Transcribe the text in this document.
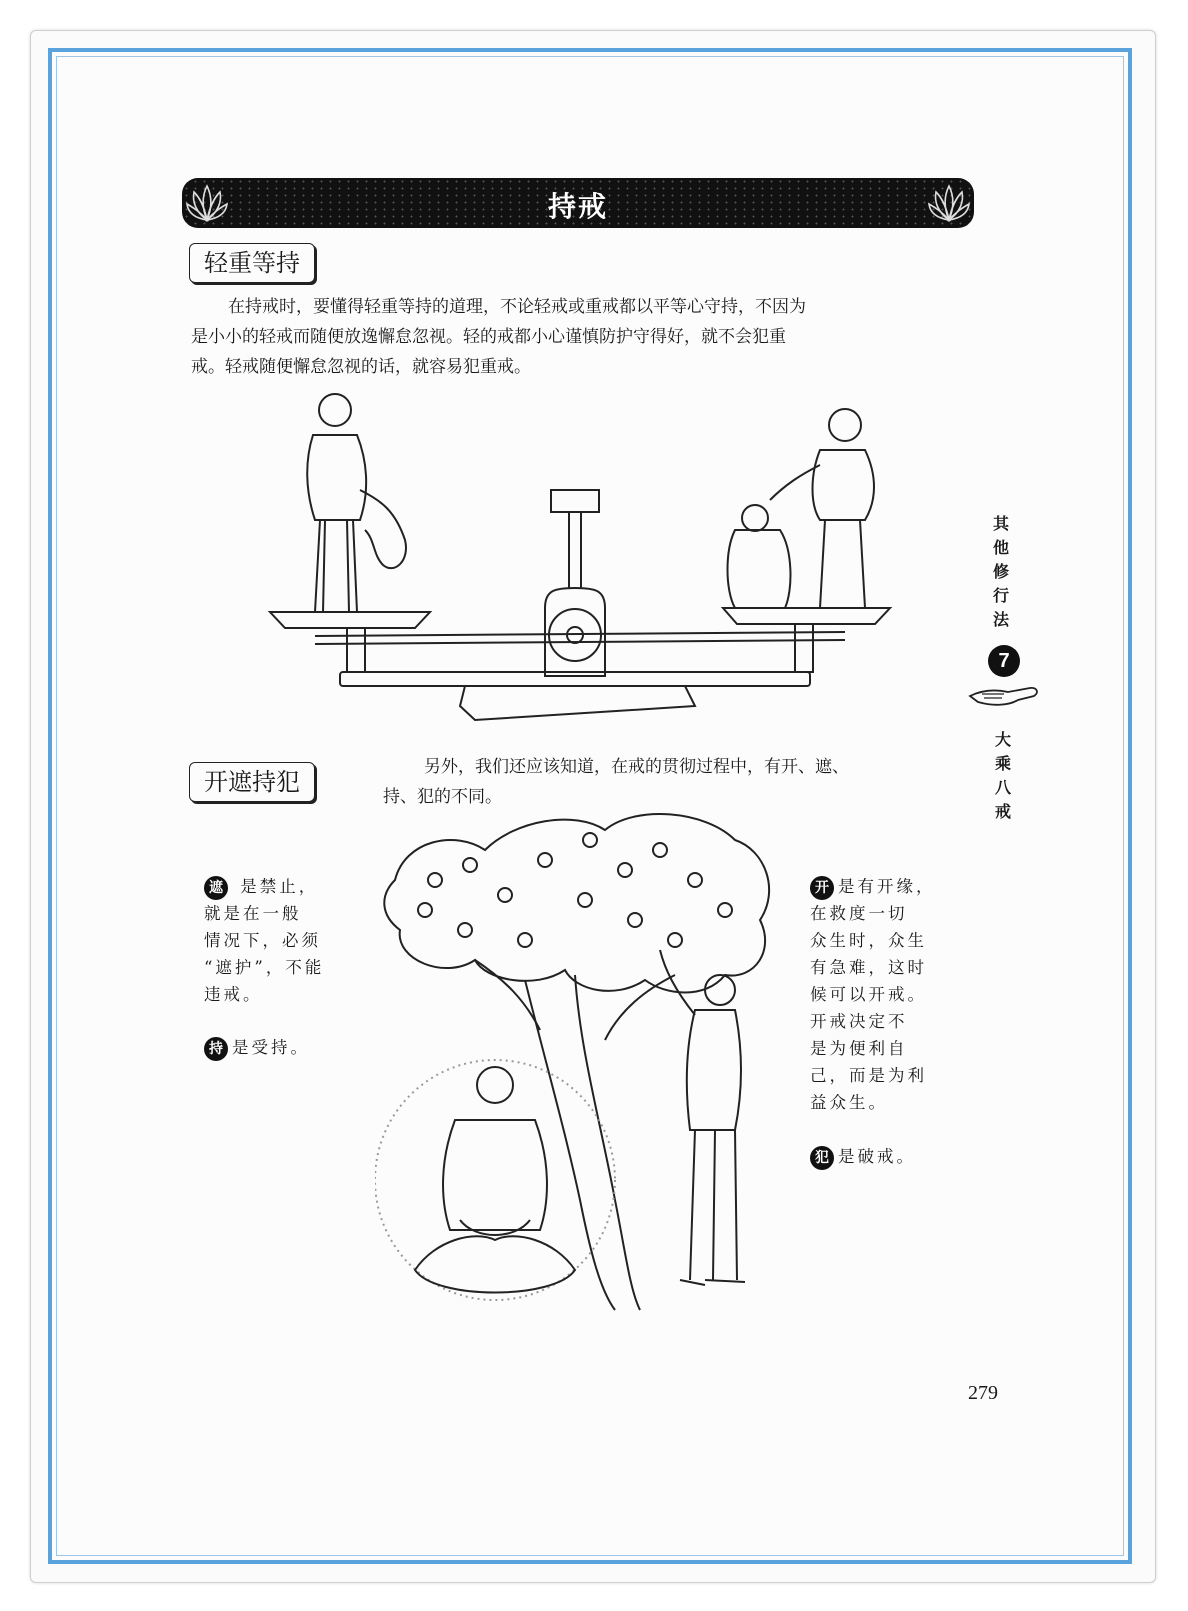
持戒
轻重等持

在持戒时，要懂得轻重等持的道理，不论轻戒或重戒都以平等心守持，不因为

是小小的轻戒而随便放逸懈怠忽视。轻的戒都小心谨慎防护守得好，就不会犯重

戒。轻戒随便懈怠忽视的话，就容易犯重戒。

开遮持犯

另外，我们还应该知道，在戒的贯彻过程中，有开、遮、

持、犯的不同。

遮 是禁止，
就是在一般
情况下，必须
“遮护”，不能
违戒。
持 是受持。
开 是有开缘，
在救度一切
众生时，众生
有急难，这时
候可以开戒。
开戒决定不
是为便利自
己，而是为利
益众生。
犯 是破戒。
其他修行法
7
大乘八戒
279
